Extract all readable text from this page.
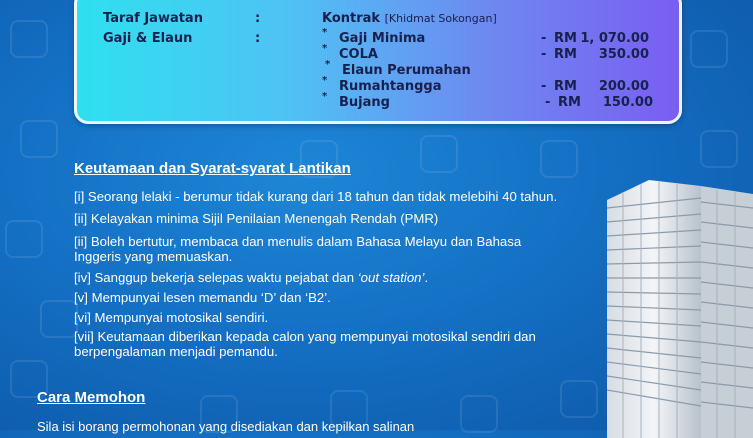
Taraf Jawatan	:	Kontrak [Khidmat Sokongan]
Gaji & Elaun	:	* Gaji Minima	- RM 1, 070.00
* COLA	- RM	350.00
* Elaun Perumahan
* Rumahtangga	- RM	200.00
* Bujang	- RM	150.00
Keutamaan dan Syarat-syarat Lantikan
[i] Seorang lelaki - berumur tidak kurang dari 18 tahun dan tidak melebihi 40 tahun.
[ii] Kelayakan minima Sijil Penilaian Menengah Rendah (PMR)
[ii] Boleh bertutur, membaca dan menulis dalam Bahasa Melayu dan Bahasa
Inggeris yang memuaskan.
[iv] Sanggup bekerja selepas waktu pejabat dan ‘out station’.
[v] Mempunyai lesen memandu ‘D’ dan ‘B2’.
[vi] Mempunyai motosikal sendiri.
[vii] Keutamaan diberikan kepada calon yang mempunyai motosikal sendiri dan
berpengalaman menjadi pemandu.
Cara Memohon
Sila isi borang permohonan yang disediakan dan kepilkan salinan
